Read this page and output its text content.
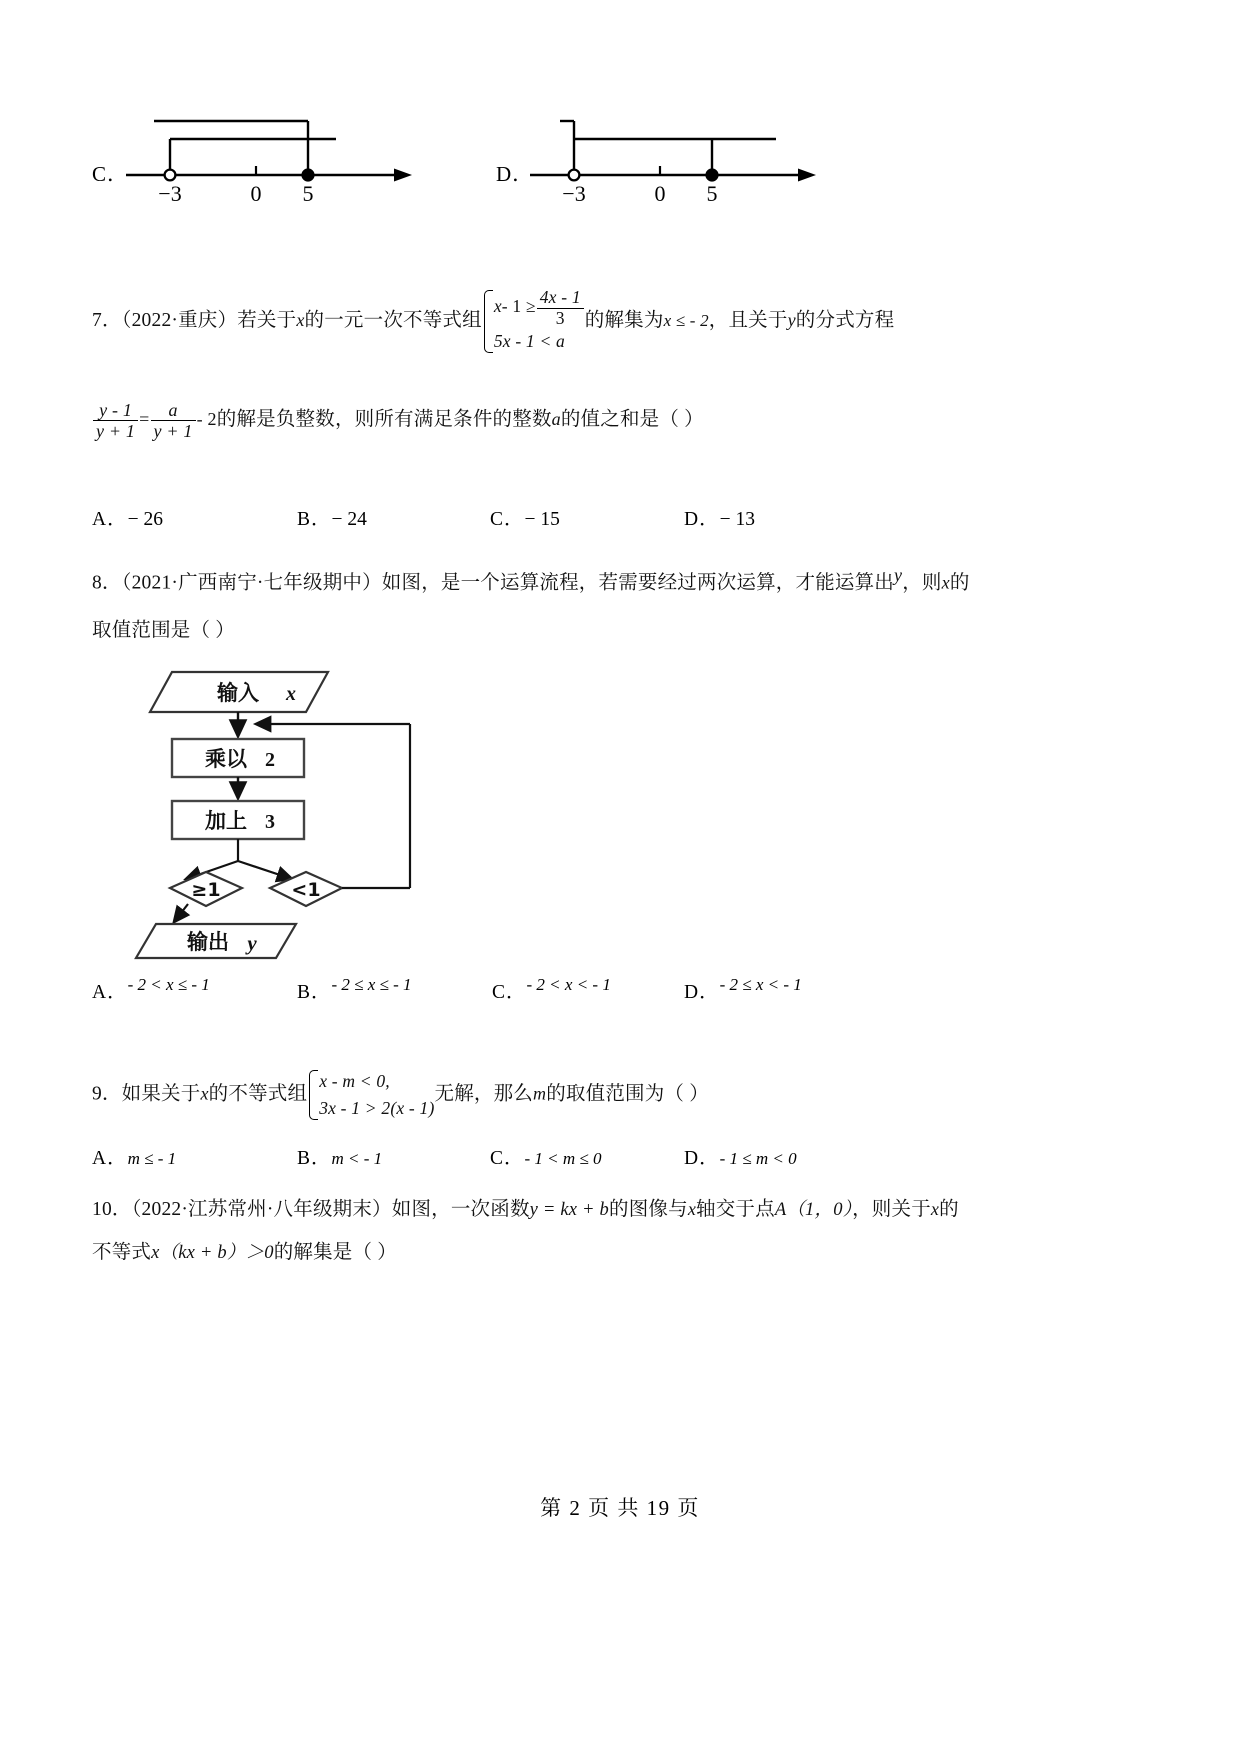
C．
−3	0 5
D．
−3	0 5
7．（2022·重庆）若关于x的一元一次不等式组
x- $1 \ge \frac{4x - 1}{3}$
5x - 1 < a
的解集为x ≤ - 2，且关于y的分式方程
$\frac{y - 1}{y + 1} = \frac{a}{y + 1} - 2$的解是负整数，则所有满足条件的整数a的值之和是（ ）
A．− 26	B．− 24	C．− 15	D．− 13
8．（2021·广西南宁·七年级期中）如图，是一个运算流程，若需要经过两次运算，才能运算出y，则x的
取值范围是（ ）
输入 x
乘以 2
加上 3
≥1	<1
输出 y
A．- 2 < x ≤ - 1	B．- 2 ≤ x ≤ - 1	C．- 2 < x < - 1	D．- 2 ≤ x < - 1
9．如果关于x的不等式组
x - m < 0,
3x - 1 > 2(x - 1)
无解，那么m的取值范围为（ ）
A．m ≤ - 1	B．m < - 1	C．- 1 < m ≤ 0	D．- 1 ≤ m < 0
10．（2022·江苏常州·八年级期末）如图，一次函数y = kx + b的图像与x轴交于点A（1，0），则关于x的
不等式x（kx + b）＞0的解集是（ ）
第 2 页 共 19 页
